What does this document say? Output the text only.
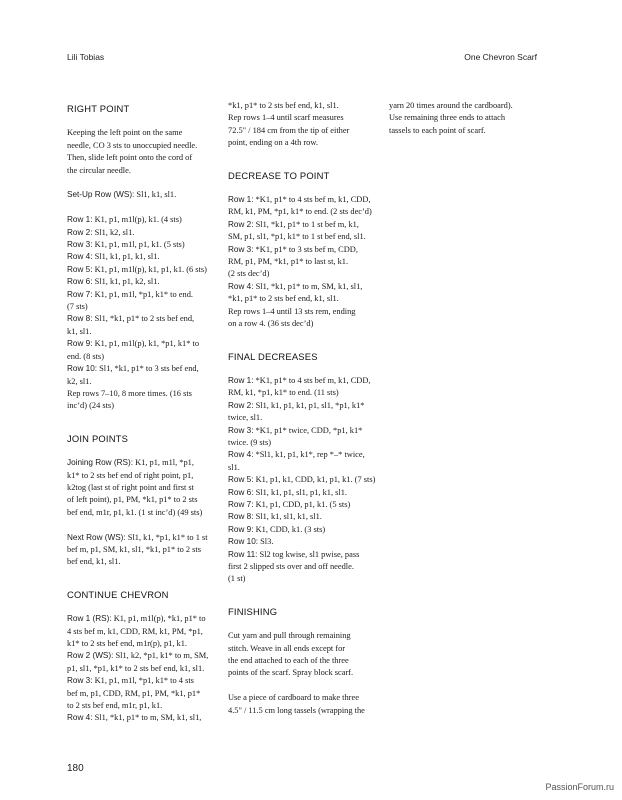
Lili Tobias	One Chevron Scarf
RIGHT POINT
Keeping the left point on the same
needle, CO 3 sts to unoccupied needle.
Then, slide left point onto the cord of
the circular needle.
Set-Up Row (WS): Sl1, k1, sl1.
Row 1: K1, p1, m1l(p), k1. (4 sts)
Row 2: Sl1, k2, sl1.
Row 3: K1, p1, m1l, p1, k1. (5 sts)
Row 4: Sl1, k1, p1, k1, sl1.
Row 5: K1, p1, m1l(p), k1, p1, k1. (6 sts)
Row 6: Sl1, k1, p1, k2, sl1.
Row 7: K1, p1, m1l, *p1, k1* to end.
(7 sts)
Row 8: Sl1, *k1, p1* to 2 sts bef end,
k1, sl1.
Row 9: K1, p1, m1l(p), k1, *p1, k1* to
end. (8 sts)
Row 10: Sl1, *k1, p1* to 3 sts bef end,
k2, sl1.
Rep rows 7–10, 8 more times. (16 sts
inc’d) (24 sts)
JOIN POINTS
Joining Row (RS): K1, p1, m1l, *p1,
k1* to 2 sts bef end of right point, p1,
k2tog (last st of right point and first st
of left point), p1, PM, *k1, p1* to 2 sts
bef end, m1r, p1, k1. (1 st inc’d) (49 sts)
Next Row (WS): Sl1, k1, *p1, k1* to 1 st
bef m, p1, SM, k1, sl1, *k1, p1* to 2 sts
bef end, k1, sl1.
CONTINUE CHEVRON
Row 1 (RS): K1, p1, m1l(p), *k1, p1* to
4 sts bef m, k1, CDD, RM, k1, PM, *p1,
k1* to 2 sts bef end, m1r(p), p1, k1.
Row 2 (WS): Sl1, k2, *p1, k1* to m, SM,
p1, sl1, *p1, k1* to 2 sts bef end, k1, sl1.
Row 3: K1, p1, m1l, *p1, k1* to 4 sts
bef m, p1, CDD, RM, p1, PM, *k1, p1*
to 2 sts bef end, m1r, p1, k1.
Row 4: Sl1, *k1, p1* to m, SM, k1, sl1,
*k1, p1* to 2 sts bef end, k1, sl1.
Rep rows 1–4 until scarf measures
72.5" / 184 cm from the tip of either
point, ending on a 4th row.
DECREASE TO POINT
Row 1: *K1, p1* to 4 sts bef m, k1, CDD,
RM, k1, PM, *p1, k1* to end. (2 sts dec’d)
Row 2: Sl1, *k1, p1* to 1 st bef m, k1,
SM, p1, sl1, *p1, k1* to 1 st bef end, sl1.
Row 3: *K1, p1* to 3 sts bef m, CDD,
RM, p1, PM, *k1, p1* to last st, k1.
(2 sts dec’d)
Row 4: Sl1, *k1, p1* to m, SM, k1, sl1,
*k1, p1* to 2 sts bef end, k1, sl1.
Rep rows 1–4 until 13 sts rem, ending
on a row 4. (36 sts dec’d)
FINAL DECREASES
Row 1: *K1, p1* to 4 sts bef m, k1, CDD,
RM, k1, *p1, k1* to end. (11 sts)
Row 2: Sl1, k1, p1, k1, p1, sl1, *p1, k1*
twice, sl1.
Row 3: *K1, p1* twice, CDD, *p1, k1*
twice. (9 sts)
Row 4: *Sl1, k1, p1, k1*, rep *–* twice,
sl1.
Row 5: K1, p1, k1, CDD, k1, p1, k1. (7 sts)
Row 6: Sl1, k1, p1, sl1, p1, k1, sl1.
Row 7: K1, p1, CDD, p1, k1. (5 sts)
Row 8: Sl1, k1, sl1, k1, sl1.
Row 9: K1, CDD, k1. (3 sts)
Row 10: Sl3.
Row 11: Sl2 tog kwise, sl1 pwise, pass
first 2 slipped sts over and off needle.
(1 st)
FINISHING
Cut yarn and pull through remaining
stitch. Weave in all ends except for
the end attached to each of the three
points of the scarf. Spray block scarf.
Use a piece of cardboard to make three
4.5" / 11.5 cm long tassels (wrapping the
yarn 20 times around the cardboard).
Use remaining three ends to attach
tassels to each point of scarf.
180
PassionForum.ru
